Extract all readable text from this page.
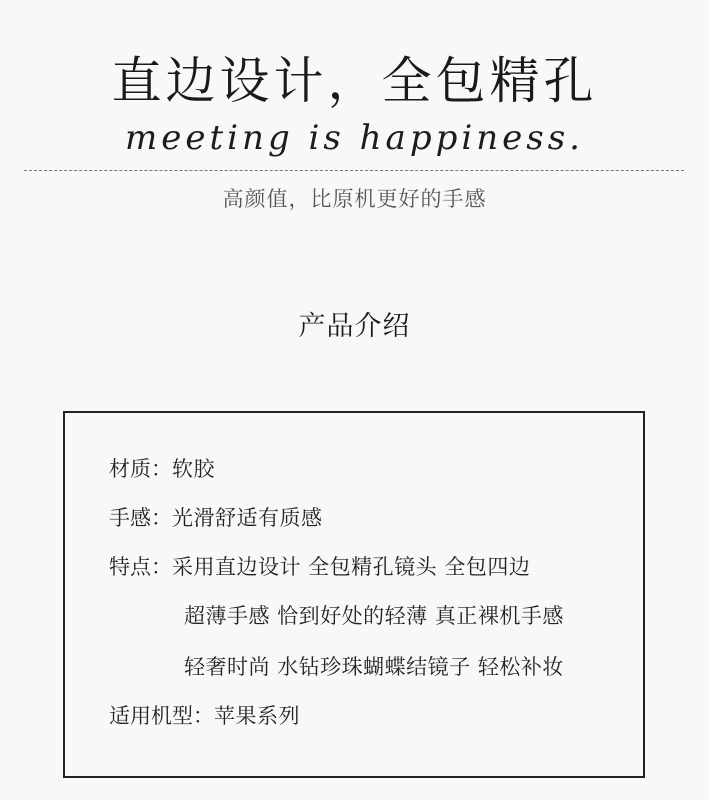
直边设计，全包精孔
meeting is happiness.
高颜值，比原机更好的手感
产品介绍
材质： 软胶
手感： 光滑舒适有质感
特点： 采用直边设计 全包精孔镜头 全包四边
超薄手感 恰到好处的轻薄 真正裸机手感
轻奢时尚 水钻珍珠蝴蝶结镜子 轻松补妆
适用机型： 苹果系列
